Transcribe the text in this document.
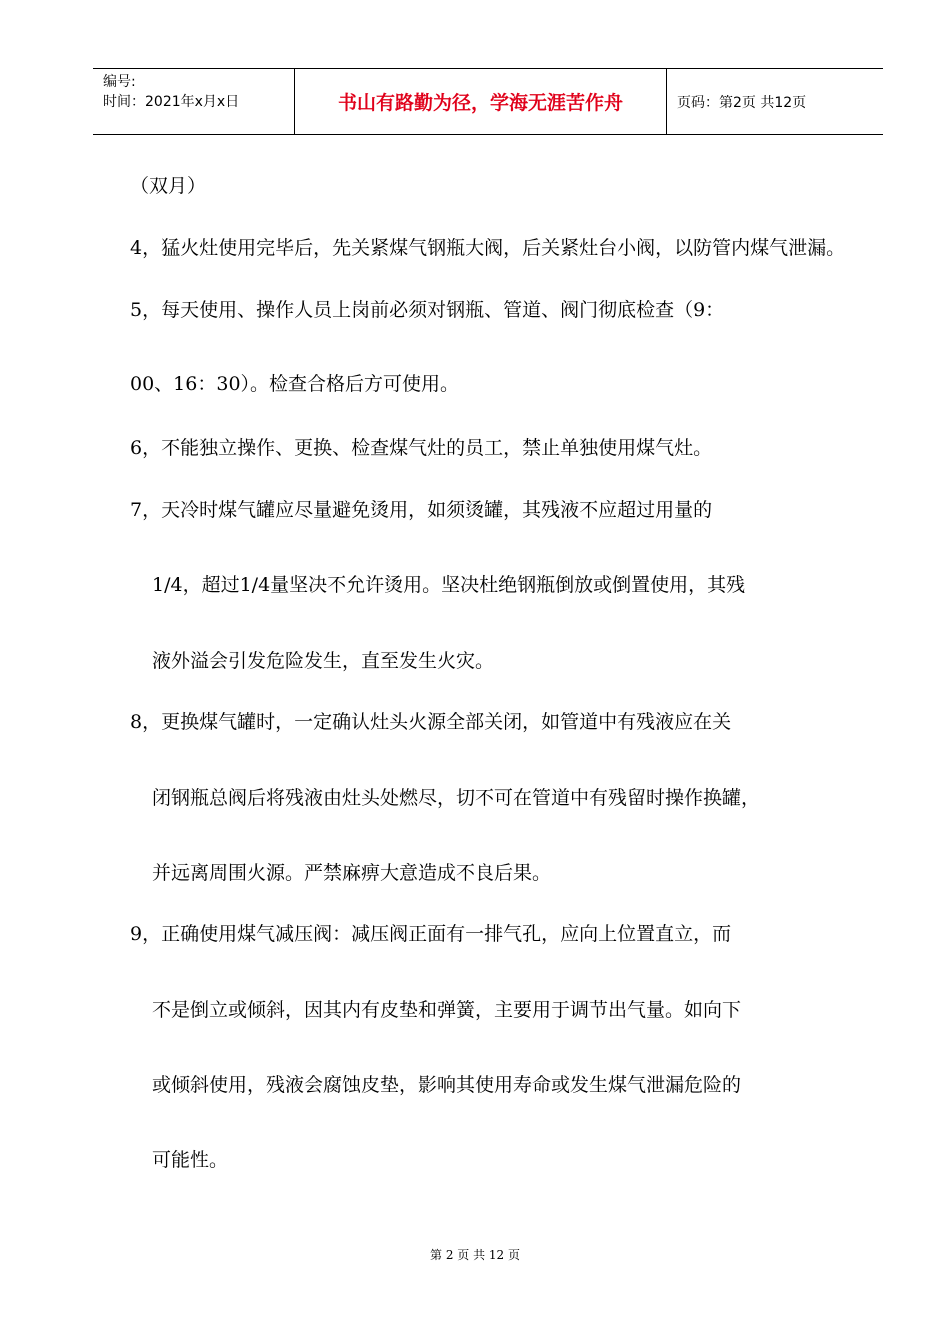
编号:
时间：2021年x月x日	书山有路勤为径，学海无涯苦作舟	页码：第2页 共12页
（双月）
4，猛火灶使用完毕后，先关紧煤气钢瓶大阀，后关紧灶台小阀，以防管内煤气泄漏。
5，每天使用、操作人员上岗前必须对钢瓶、管道、阀门彻底检查（9：
00、16：30）。检查合格后方可使用。
6，不能独立操作、更换、检查煤气灶的员工，禁止单独使用煤气灶。
7，天冷时煤气罐应尽量避免烫用，如须烫罐，其残液不应超过用量的
1/4，超过1/4量坚决不允许烫用。坚决杜绝钢瓶倒放或倒置使用，其残
液外溢会引发危险发生，直至发生火灾。
8，更换煤气罐时，一定确认灶头火源全部关闭，如管道中有残液应在关
闭钢瓶总阀后将残液由灶头处燃尽，切不可在管道中有残留时操作换罐，
并远离周围火源。严禁麻痹大意造成不良后果。
9，正确使用煤气减压阀：减压阀正面有一排气孔，应向上位置直立，而
不是倒立或倾斜，因其内有皮垫和弹簧，主要用于调节出气量。如向下
或倾斜使用，残液会腐蚀皮垫，影响其使用寿命或发生煤气泄漏危险的
可能性。
第 2 页 共 12 页
